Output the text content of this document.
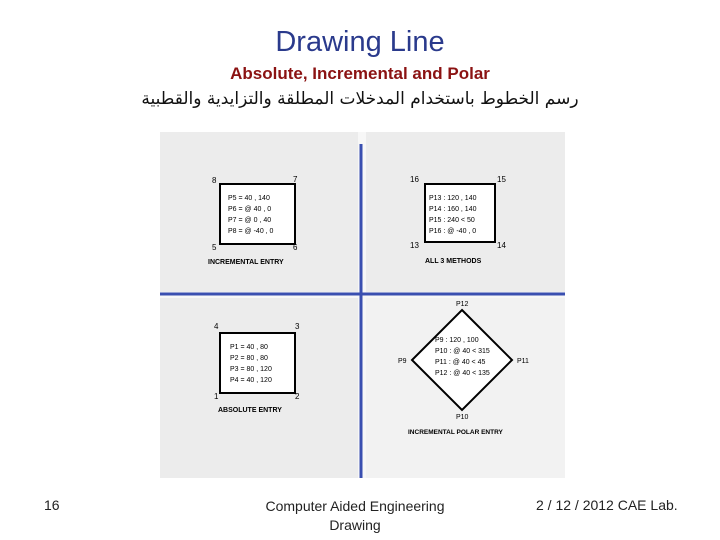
Drawing Line
Absolute, Incremental and Polar
رسم الخطوط باستخدام المدخلات المطلقة والتزايدية والقطبية
8	7
5	6
P5 = 40 , 140
P6 = @ 40 , 0
P7 = @ 0 , 40
P8 = @ -40 , 0
INCREMENTAL ENTRY
16	15
13	14
P13 : 120 , 140
P14 : 160 , 140
P15 : 240 < 50
P16 : @ -40 , 0
ALL 3 METHODS
4	3
1	2
P1 = 40 , 80
P2 = 80 , 80
P3 = 80 , 120
P4 = 40 , 120
ABSOLUTE ENTRY
P12
P9	P11
P10
P9 : 120 , 100
P10 : @ 40 < 315
P11 : @ 40 < 45
P12 : @ 40 < 135
INCREMENTAL POLAR ENTRY
16	Computer Aided Engineering
Drawing
2 / 12 / 2012 CAE Lab.
